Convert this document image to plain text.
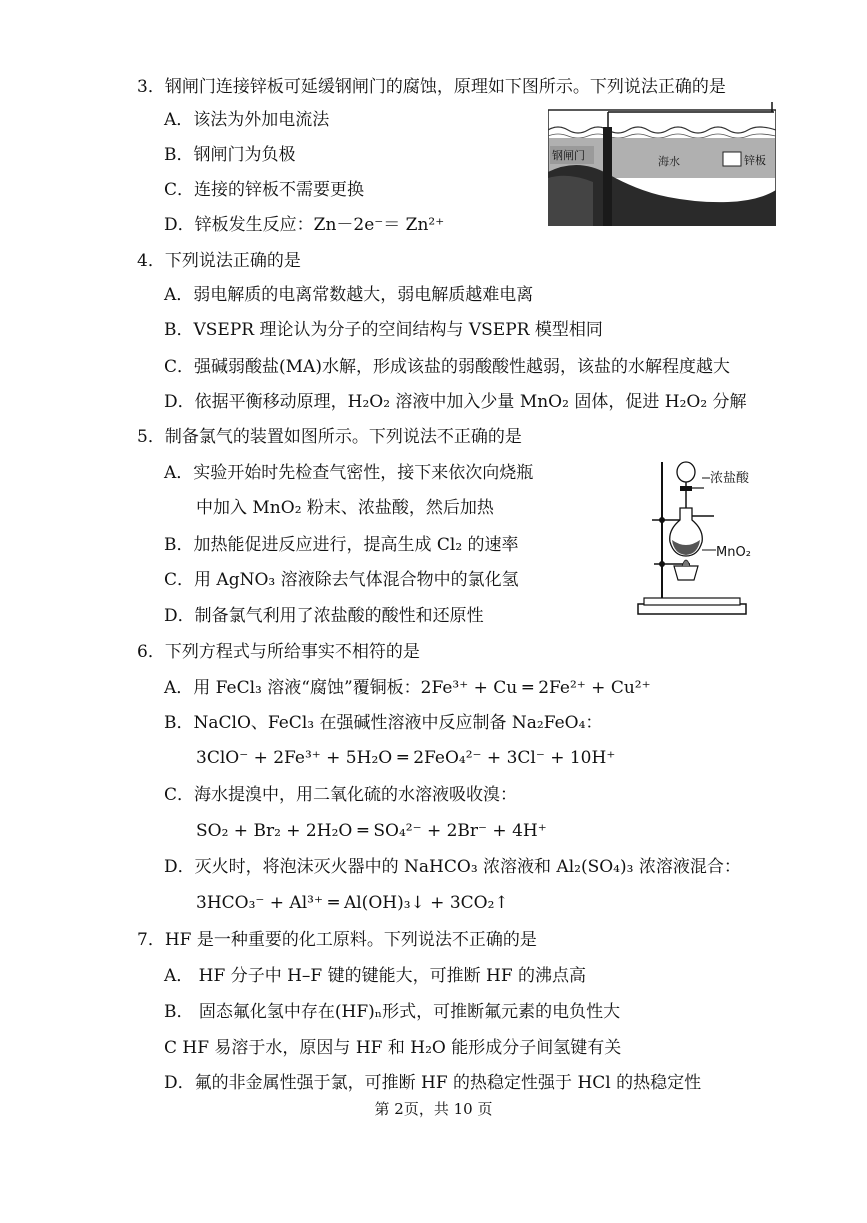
3．钢闸门连接锌板可延缓钢闸门的腐蚀，原理如下图所示。下列说法正确的是
A．该法为外加电流法
B．钢闸门为负极
C．连接的锌板不需要更换
D．锌板发生反应：Zn－2e⁻＝ Zn²⁺
钢闸门	海水	锌板
4．下列说法正确的是
A．弱电解质的电离常数越大，弱电解质越难电离
B．VSEPR 理论认为分子的空间结构与 VSEPR 模型相同
C．强碱弱酸盐(MA)水解，形成该盐的弱酸酸性越弱，该盐的水解程度越大
D．依据平衡移动原理，H₂O₂ 溶液中加入少量 MnO₂ 固体，促进 H₂O₂ 分解
5．制备氯气的装置如图所示。下列说法不正确的是
A．实验开始时先检查气密性，接下来依次向烧瓶
中加入 MnO₂ 粉末、浓盐酸，然后加热
B．加热能促进反应进行，提高生成 Cl₂ 的速率
C．用 AgNO₃ 溶液除去气体混合物中的氯化氢
D．制备氯气利用了浓盐酸的酸性和还原性
浓盐酸
MnO₂
6．下列方程式与所给事实不相符的是
A．用 FeCl₃ 溶液“腐蚀”覆铜板：2Fe³⁺ + Cu ═ 2Fe²⁺ + Cu²⁺
B．NaClO、FeCl₃ 在强碱性溶液中反应制备 Na₂FeO₄：
3ClO⁻ + 2Fe³⁺ + 5H₂O ═ 2FeO₄²⁻ + 3Cl⁻ + 10H⁺
C．海水提溴中，用二氧化硫的水溶液吸收溴：
SO₂ + Br₂ + 2H₂O ═ SO₄²⁻ + 2Br⁻ + 4H⁺
D．灭火时，将泡沫灭火器中的 NaHCO₃ 浓溶液和 Al₂(SO₄)₃ 浓溶液混合：
3HCO₃⁻ + Al³⁺ ═ Al(OH)₃↓ + 3CO₂↑
7．HF 是一种重要的化工原料。下列说法不正确的是
A． HF 分子中 H–F 键的键能大，可推断 HF 的沸点高
B． 固态氟化氢中存在(HF)ₙ形式，可推断氟元素的电负性大
C HF 易溶于水，原因与 HF 和 H₂O 能形成分子间氢键有关
D．氟的非金属性强于氯，可推断 HF 的热稳定性强于 HCl 的热稳定性
第 2页，共 10 页
